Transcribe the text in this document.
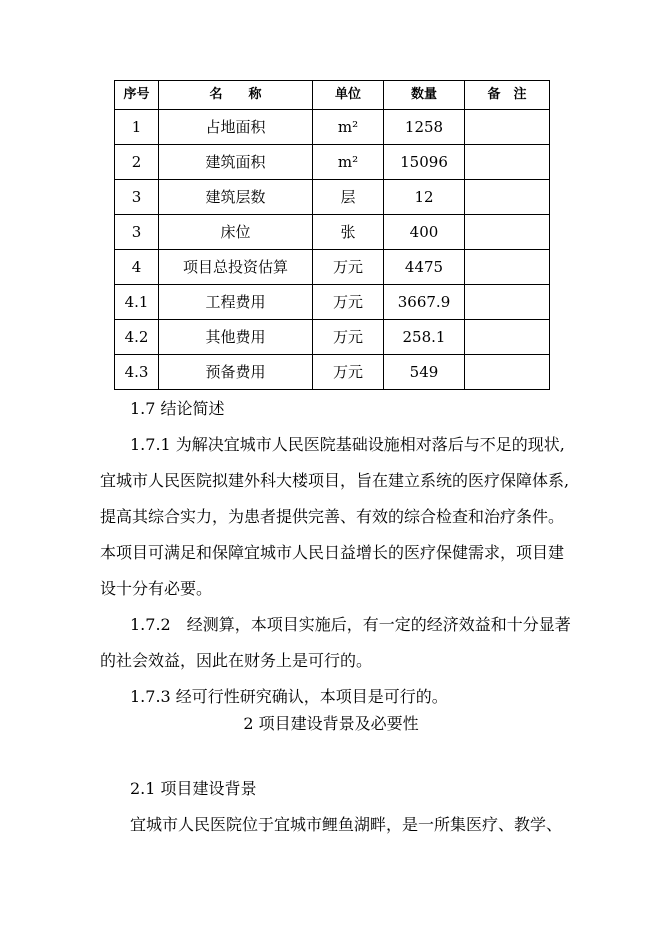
序号	名　　称	单位	数量	备　注
1	占地面积	m²	1258	
2	建筑面积	m²	15096	
3	建筑层数	层	12	
3	床位	张	400	
4	项目总投资估算	万元	4475	
4.1	工程费用	万元	3667.9	
4.2	其他费用	万元	258.1	
4.3	预备费用	万元	549	
1.7 结论简述
1.7.1 为解决宜城市人民医院基础设施相对落后与不足的现状,
宜城市人民医院拟建外科大楼项目，旨在建立系统的医疗保障体系,
提高其综合实力，为患者提供完善、有效的综合检查和治疗条件。
本项目可满足和保障宜城市人民日益增长的医疗保健需求，项目建
设十分有必要。
1.7.2　经测算，本项目实施后，有一定的经济效益和十分显著
的社会效益，因此在财务上是可行的。
1.7.3 经可行性研究确认，本项目是可行的。
2 项目建设背景及必要性
2.1 项目建设背景
宜城市人民医院位于宜城市鲤鱼湖畔，是一所集医疗、教学、
